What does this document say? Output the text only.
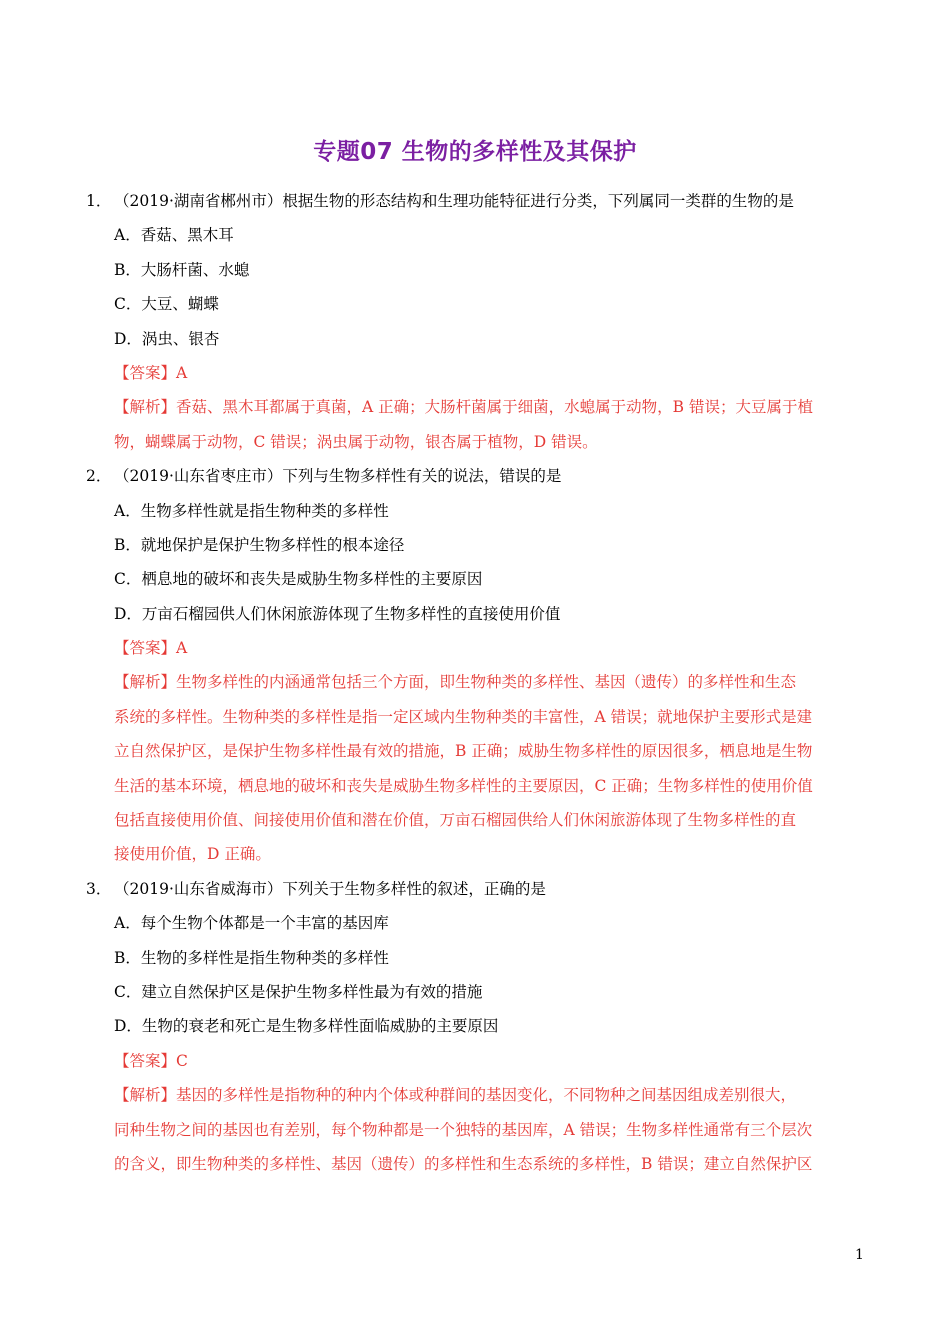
专题07 生物的多样性及其保护
1． （2019·湖南省郴州市）根据生物的形态结构和生理功能特征进行分类，下列属同一类群的生物的是
A．香菇、黑木耳
B．大肠杆菌、水螅
C．大豆、蝴蝶
D．涡虫、银杏
【答案】A
【解析】香菇、黑木耳都属于真菌，A 正确；大肠杆菌属于细菌，水螅属于动物，B 错误；大豆属于植
物，蝴蝶属于动物，C 错误；涡虫属于动物，银杏属于植物，D 错误。
2． （2019·山东省枣庄市）下列与生物多样性有关的说法，错误的是
A．生物多样性就是指生物种类的多样性
B．就地保护是保护生物多样性的根本途径
C．栖息地的破坏和丧失是威胁生物多样性的主要原因
D．万亩石榴园供人们休闲旅游体现了生物多样性的直接使用价值
【答案】A
【解析】生物多样性的内涵通常包括三个方面，即生物种类的多样性、基因（遗传）的多样性和生态
系统的多样性。生物种类的多样性是指一定区域内生物种类的丰富性，A 错误；就地保护主要形式是建
立自然保护区，是保护生物多样性最有效的措施，B 正确；威胁生物多样性的原因很多，栖息地是生物
生活的基本环境，栖息地的破坏和丧失是威胁生物多样性的主要原因，C 正确；生物多样性的使用价值
包括直接使用价值、间接使用价值和潜在价值，万亩石榴园供给人们休闲旅游体现了生物多样性的直
接使用价值，D 正确。
3． （2019·山东省威海市）下列关于生物多样性的叙述，正确的是
A．每个生物个体都是一个丰富的基因库
B．生物的多样性是指生物种类的多样性
C．建立自然保护区是保护生物多样性最为有效的措施
D．生物的衰老和死亡是生物多样性面临威胁的主要原因
【答案】C
【解析】基因的多样性是指物种的种内个体或种群间的基因变化，不同物种之间基因组成差别很大，
同种生物之间的基因也有差别，每个物种都是一个独特的基因库，A 错误；生物多样性通常有三个层次
的含义，即生物种类的多样性、基因（遗传）的多样性和生态系统的多样性，B 错误；建立自然保护区
1
